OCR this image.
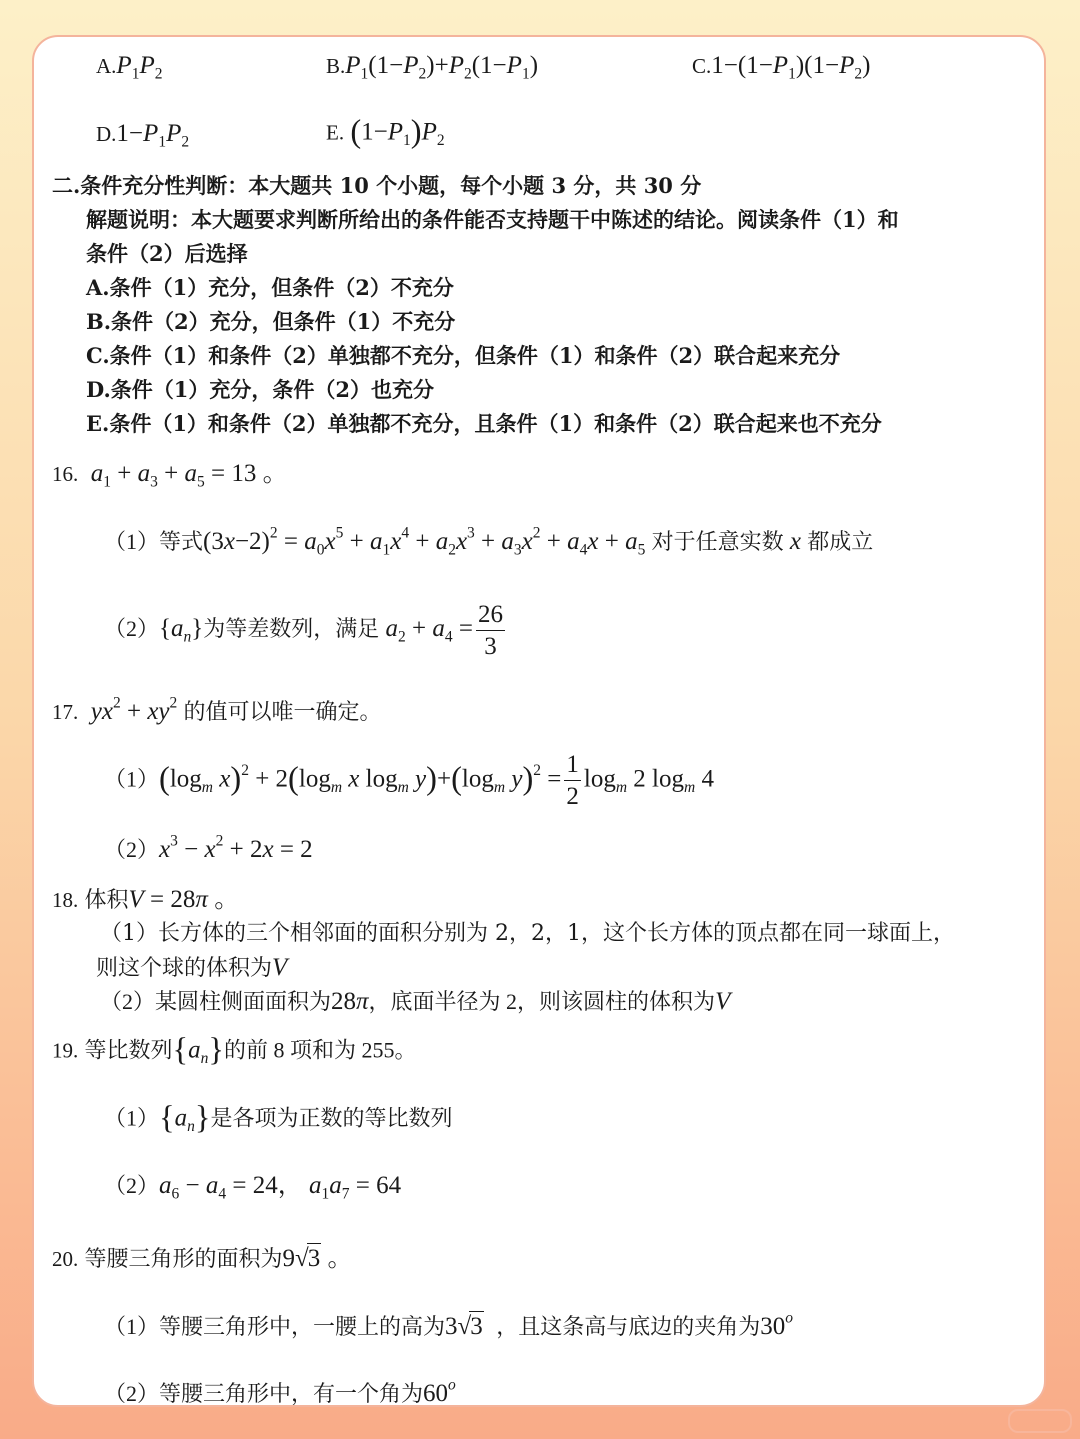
$A.P_1P_2$	$B.P_1(1-P_2)+P_2(1-P_1)$	$C.1-(1-P_1)(1-P_2)$
$D.1-P_1P_2$	E. $(1-P_1)P_2$
二.条件充分性判断：本大题共 10 个小题，每个小题 3 分，共 30 分
解题说明：本大题要求判断所给出的条件能否支持题干中陈述的结论。阅读条件（1）和
条件（2）后选择
A.条件（1）充分，但条件（2）不充分
B.条件（2）充分，但条件（1）不充分
C.条件（1）和条件（2）单独都不充分，但条件（1）和条件（2）联合起来充分
D.条件（1）充分，条件（2）也充分
E.条件（1）和条件（2）单独都不充分，且条件（1）和条件（2）联合起来也不充分
16. $a_1 + a_3 + a_5 = 13$ 。
（1）等式$(3x-2)^2 = a_0x^5 + a_1x^4 + a_2x^3 + a_3x^2 + a_4x + a_5$ 对于任意实数 x 都成立
$(2)\{a_n\}$为等差数列，满足 $a_2 + a_4 = \frac{26}{3}$
17. $yx^2 + xy^2$ 的值可以唯一确定。
$(1)(\log_m$ $x)^2 + 2(\log_m$ x $\log_m y)+(\log_m$ $y)^2 = \frac{1}{2} \log_m 2$ $\log_m 4$
$(2)x^3 - x^2 + 2x = 2$
18. 体积V = 28π 。
（1）长方体的三个相邻面的面积分别为 2，2，1，这个长方体的顶点都在同一球面上，
则这个球的体积为V
（2）某圆柱侧面面积为28π，底面半径为 2，则该圆柱的体积为V
19. 等比数列$\{a_n\}$的前 8 项和为 255。
$(1)\{a_n\}$是各项为正数的等比数列
$(2)a_6 - a_4 = 24$， $a_1a_7 = 64$
20. 等腰三角形的面积为9√3 。
（1）等腰三角形中，一腰上的高为3√3 ，且这条高与底边的夹角为30$^o$
（2）等腰三角形中，有一个角为60$^o$
